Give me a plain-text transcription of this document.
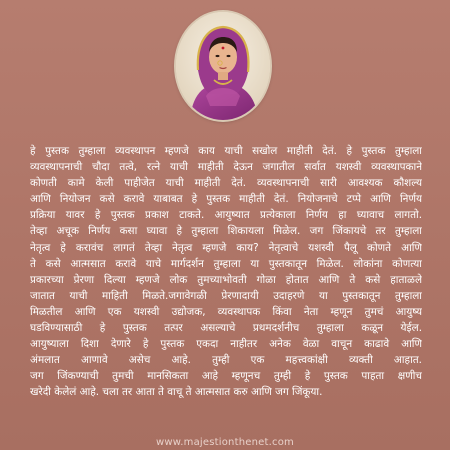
हे पुस्तक तुम्हाला व्यवस्थापन म्हणजे काय याची सखोल माहीती देतं. हे पुस्तक तुम्हाला
व्यवस्थापनाची चौदा तत्वे, रत्ने याची माहीती देऊन जगातील सर्वात यशस्वी व्यवस्थापकाने
कोणती कामे केली पाहीजेत याची माहीती देतं. व्यवस्थापनाची सारी आवश्यक कौशल्य
आणि नियोजन कसे करावे याबाबत हे पुस्तक माहीती देतं. नियोजनाचे टप्पे आणि निर्णय
प्रक्रिया यावर हे पुस्तक प्रकाश टाकते. आयुष्यात प्रत्येकाला निर्णय हा घ्यावाच लागतो.
तेव्हा अचूक निर्णय कसा घ्यावा हे तुम्हाला शिकायला मिळेल. जग जिंकायचे तर तुम्हाला
नेतृत्व हे करावंच लागतं तेव्हा नेतृत्व म्हणजे काय? नेतृत्वाचे यशस्वी पैलू कोणते आणि
ते कसे आत्मसात करावे याचे मार्गदर्शन तुम्हाला या पुस्तकातून मिळेल. लोकांना कोणत्या
प्रकारच्या प्रेरणा दिल्या म्हणजे लोक तुमच्याभोवती गोळा होतात आणि ते कसे हाताळले
जातात याची माहिती मिळते.जगावेगळी प्रेरणादायी उदाहरणे या पुस्तकातून तुम्हाला
मिळतील आणि एक यशस्वी उद्योजक, व्यवस्थापक किंवा नेता म्हणून तुमचं आयुष्य
घडविण्यासाठी हे पुस्तक तत्पर असल्याचे प्रथमदर्शनीच तुम्हाला कळून येईल.
आयुष्याला दिशा देणारे हे पुस्तक एकदा नाहीतर अनेक वेळा वाचून काढावे आणि
अंमलात आणावे असेच आहे. तुम्ही एक महत्त्वकांक्षी व्यक्ती आहात.
जग जिंकण्याची तुमची मानसिकता आहे म्हणूनच तुम्ही हे पुस्तक पाहता क्षणीच
खरेदी केलेलं आहे. चला तर आता ते वाचू ते आत्मसात करु आणि जग जिंकूया.

www.majestionthenet.com
